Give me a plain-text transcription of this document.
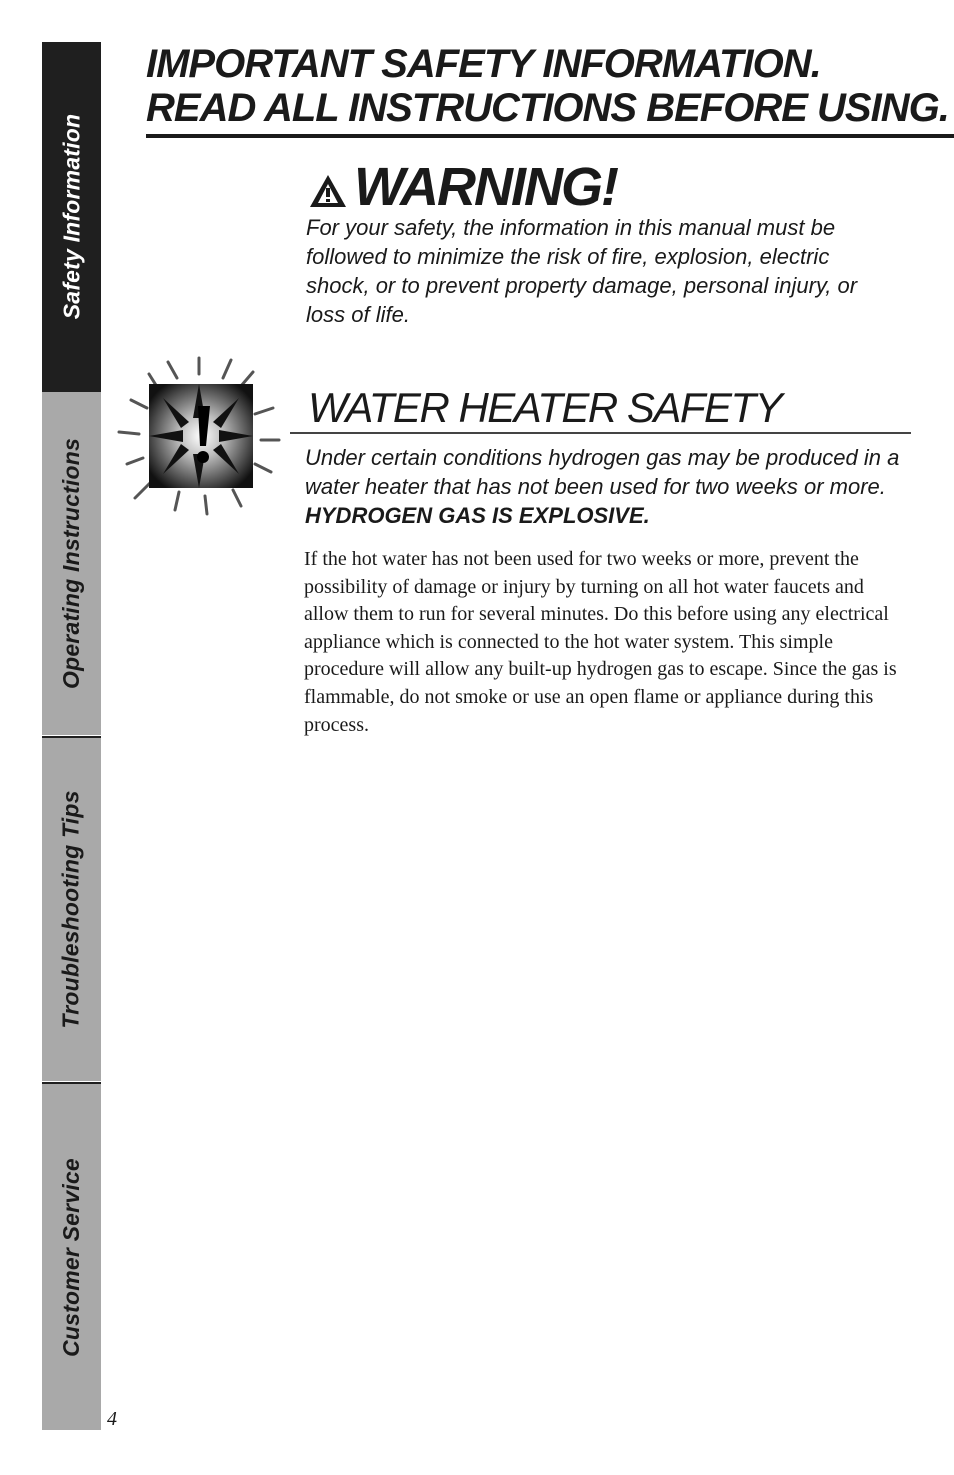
Safety Information
Operating Instructions
Troubleshooting Tips
Customer Service
4
IMPORTANT SAFETY INFORMATION.
READ ALL INSTRUCTIONS BEFORE USING.
WARNING!

For your safety, the information in this manual must be followed to minimize the risk of fire, explosion, electric shock, or to prevent property damage, personal injury, or loss of life.

WATER HEATER SAFETY

Under certain conditions hydrogen gas may be produced in a water heater that has not been used for two weeks or more. HYDROGEN GAS IS EXPLOSIVE.

If the hot water has not been used for two weeks or more, prevent the possibility of damage or injury by turning on all hot water faucets and allow them to run for several minutes. Do this before using any electrical appliance which is connected to the hot water system. This simple procedure will allow any built-up hydrogen gas to escape. Since the gas is flammable, do not smoke or use an open flame or appliance during this process.
